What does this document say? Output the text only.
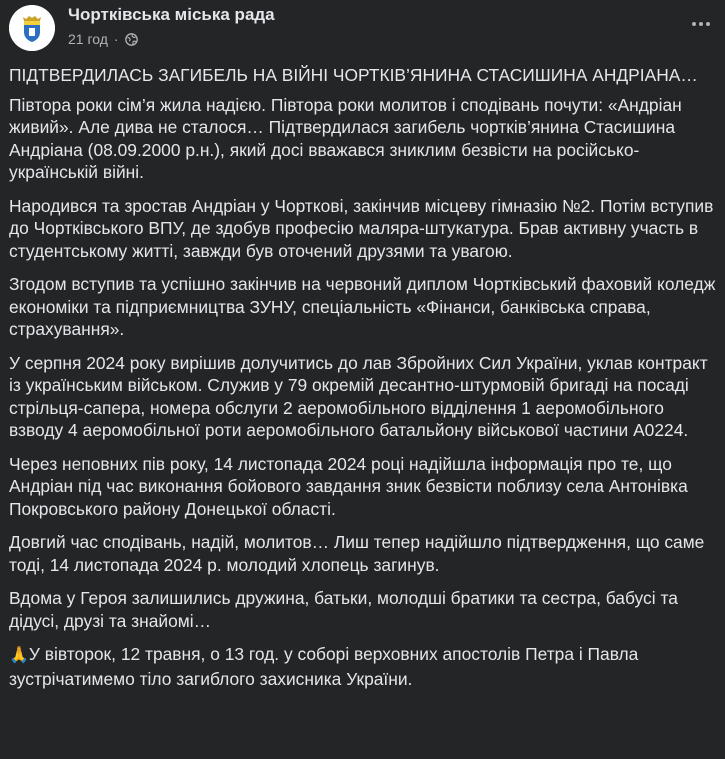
Чортківська міська рада
21 год ·

ПІДТВЕРДИЛАСЬ ЗАГИБЕЛЬ НА ВІЙНІ ЧОРТКІВ’ЯНИНА СТАСИШИНА АНДРІАНА…

Півтора роки сім’я жила надією. Півтора роки молитов і сподівань почути: «Андріан живий». Але дива не сталося… Підтвердилася загибель чортків’янина Стасишина Андріана (08.09.2000 р.н.), який досі вважався зниклим безвісти на російсько-українській війні.

Народився та зростав Андріан у Чорткові, закінчив місцеву гімназію №2. Потім вступив до Чортківського ВПУ, де здобув професію маляра-штукатура. Брав активну участь в студентському житті, завжди був оточений друзями та увагою.

Згодом вступив та успішно закінчив на червоний диплом Чортківський фаховий коледж економіки та підприємництва ЗУНУ, спеціальність «Фінанси, банківська справа, страхування».

У серпня 2024 року вирішив долучитись до лав Збройних Сил України, уклав контракт із українським військом. Служив у 79 окремій десантно-штурмовій бригаді на посаді стрільця-сапера, номера обслуги 2 аеромобільного відділення 1 аеромобільного взводу 4 аеромобільної роти аеромобільного батальйону військової частини А0224.

Через неповних пів року, 14 листопада 2024 році надійшла інформація про те, що Андріан під час виконання бойового завдання зник безвісти поблизу села Антонівка Покровського району Донецької області.

Довгий час сподівань, надій, молитов… Лиш тепер надійшло підтвердження, що саме тоді, 14 листопада 2024 р. молодий хлопець загинув.

Вдома у Героя залишились дружина, батьки, молодші братики та сестра, бабусі та дідусі, друзі та знайомі…

🙏У вівторок, 12 травня, о 13 год. у соборі верховних апостолів Петра і Павла зустрічатимемо тіло загиблого захисника України.
